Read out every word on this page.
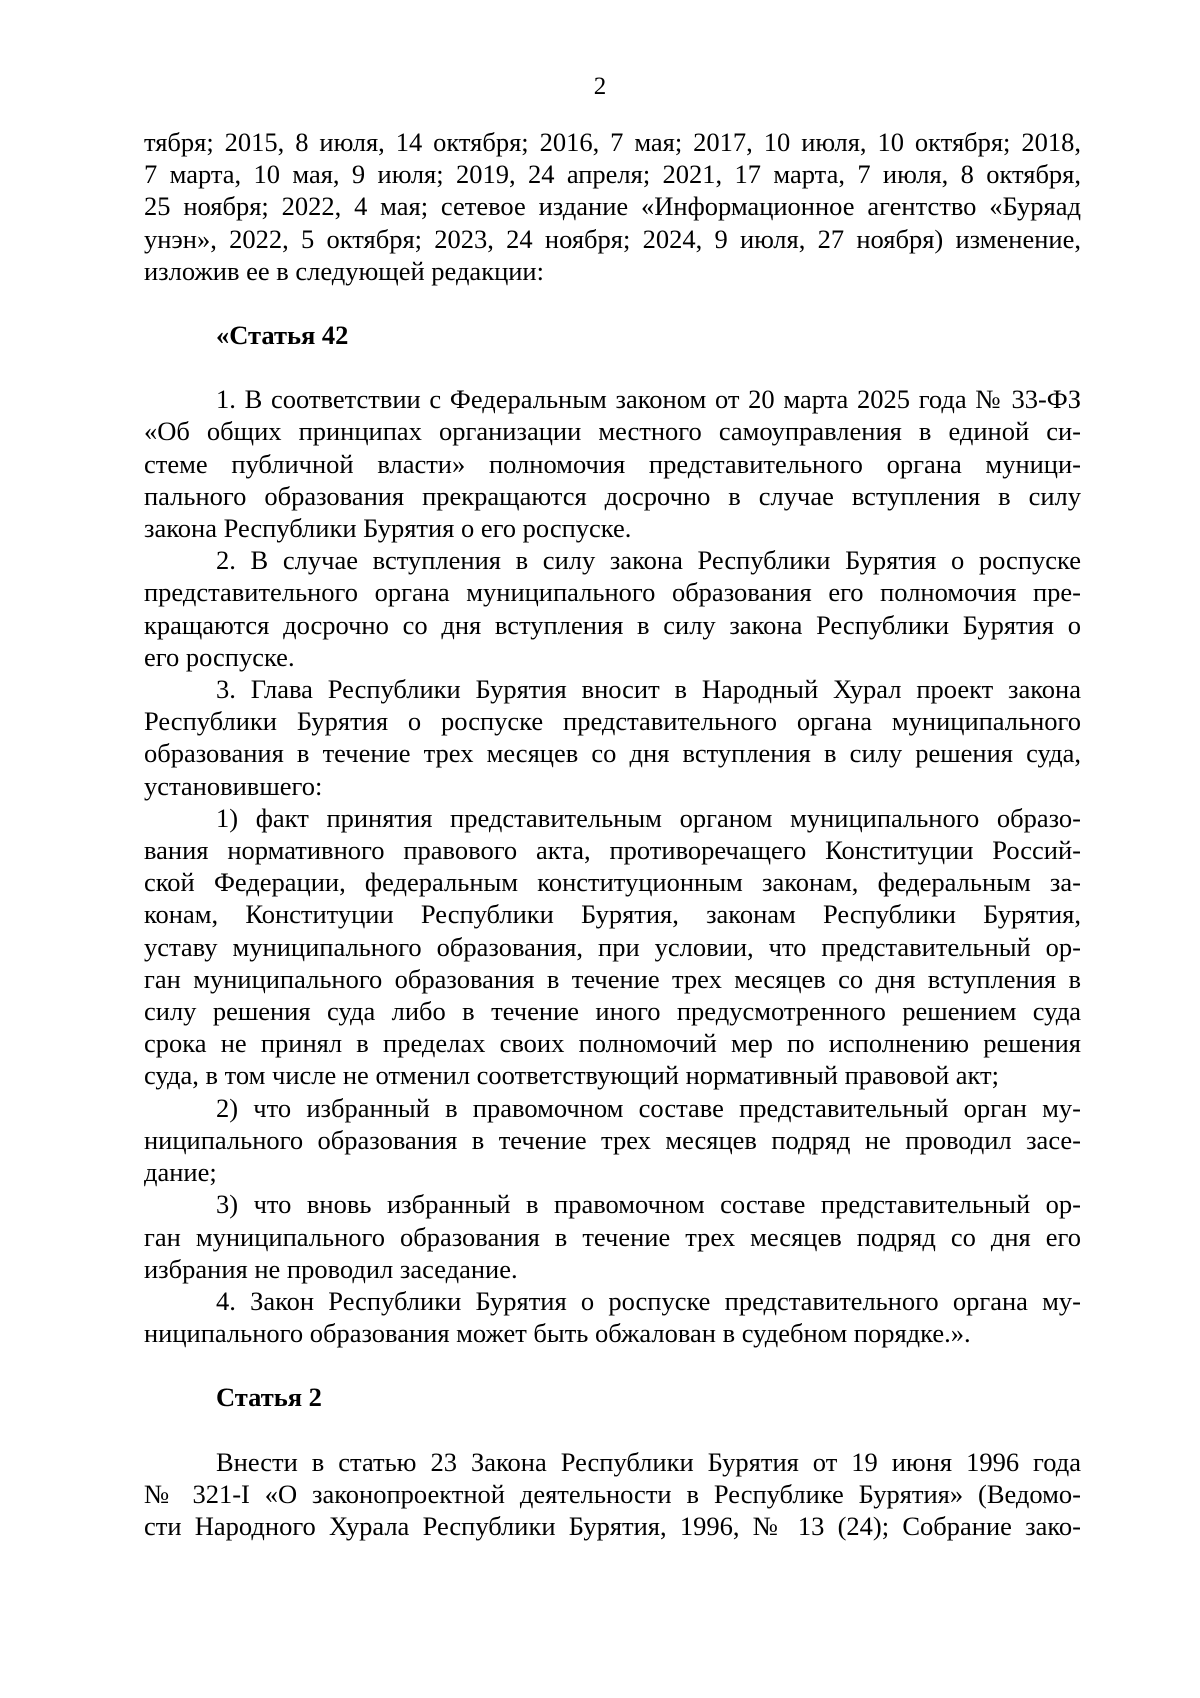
2
тября; 2015, 8 июля, 14 октября; 2016, 7 мая; 2017, 10 июля, 10 октября; 2018,
7 марта, 10 мая, 9 июля; 2019, 24 апреля; 2021, 17 марта, 7 июля, 8 октября,
25 ноября; 2022, 4 мая; сетевое издание «Информационное агентство «Буряад
унэн», 2022, 5 октября; 2023, 24 ноября; 2024, 9 июля, 27 ноября) изменение,
изложив ее в следующей редакции:

«Статья 42

1. В соответствии с Федеральным законом от 20 марта 2025 года № 33-ФЗ
«Об общих принципах организации местного самоуправления в единой си-
стеме публичной власти» полномочия представительного органа муници-
пального образования прекращаются досрочно в случае вступления в силу
закона Республики Бурятия о его роспуске.
2. В случае вступления в силу закона Республики Бурятия о роспуске
представительного органа муниципального образования его полномочия пре-
кращаются досрочно со дня вступления в силу закона Республики Бурятия о
его роспуске.
3. Глава Республики Бурятия вносит в Народный Хурал проект закона
Республики Бурятия о роспуске представительного органа муниципального
образования в течение трех месяцев со дня вступления в силу решения суда,
установившего:
1) факт принятия представительным органом муниципального образо-
вания нормативного правового акта, противоречащего Конституции Россий-
ской Федерации, федеральным конституционным законам, федеральным за-
конам, Конституции Республики Бурятия, законам Республики Бурятия,
уставу муниципального образования, при условии, что представительный ор-
ган муниципального образования в течение трех месяцев со дня вступления в
силу решения суда либо в течение иного предусмотренного решением суда
срока не принял в пределах своих полномочий мер по исполнению решения
суда, в том числе не отменил соответствующий нормативный правовой акт;
2) что избранный в правомочном составе представительный орган му-
ниципального образования в течение трех месяцев подряд не проводил засе-
дание;
3) что вновь избранный в правомочном составе представительный ор-
ган муниципального образования в течение трех месяцев подряд со дня его
избрания не проводил заседание.
4. Закон Республики Бурятия о роспуске представительного органа му-
ниципального образования может быть обжалован в судебном порядке.».

Статья 2

Внести в статью 23 Закона Республики Бурятия от 19 июня 1996 года
№ 321-I «О законопроектной деятельности в Республике Бурятия» (Ведомо-
сти Народного Хурала Республики Бурятия, 1996, № 13 (24); Собрание зако-
